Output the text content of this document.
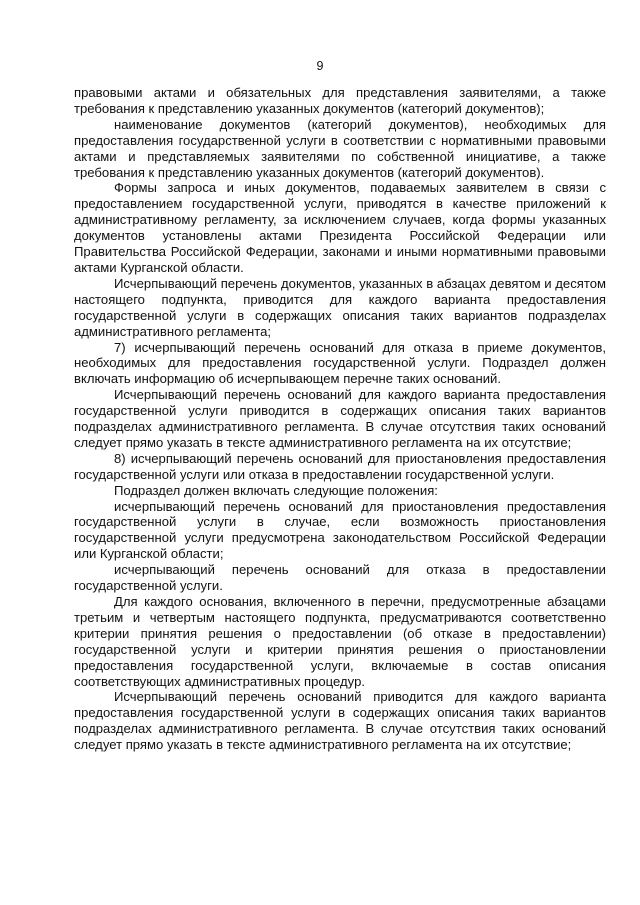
9

правовыми актами и обязательных для представления заявителями, а также требования к представлению указанных документов (категорий документов);

наименование документов (категорий документов), необходимых для предоставления государственной услуги в соответствии с нормативными правовыми актами и представляемых заявителями по собственной инициативе, а также требования к представлению указанных документов (категорий документов).

Формы запроса и иных документов, подаваемых заявителем в связи с предоставлением государственной услуги, приводятся в качестве приложений к административному регламенту, за исключением случаев, когда формы указанных документов установлены актами Президента Российской Федерации или Правительства Российской Федерации, законами и иными нормативными правовыми актами Курганской области.

Исчерпывающий перечень документов, указанных в абзацах девятом и десятом настоящего подпункта, приводится для каждого варианта предоставления государственной услуги в содержащих описания таких вариантов подразделах административного регламента;

7) исчерпывающий перечень оснований для отказа в приеме документов, необходимых для предоставления государственной услуги. Подраздел должен включать информацию об исчерпывающем перечне таких оснований.

Исчерпывающий перечень оснований для каждого варианта предоставления государственной услуги приводится в содержащих описания таких вариантов подразделах административного регламента. В случае отсутствия таких оснований следует прямо указать в тексте административного регламента на их отсутствие;

8) исчерпывающий перечень оснований для приостановления предоставления государственной услуги или отказа в предоставлении государственной услуги.

Подраздел должен включать следующие положения:

исчерпывающий перечень оснований для приостановления предоставления государственной услуги в случае, если возможность приостановления государственной услуги предусмотрена законодательством Российской Федерации или Курганской области;

исчерпывающий перечень оснований для отказа в предоставлении государственной услуги.

Для каждого основания, включенного в перечни, предусмотренные абзацами третьим и четвертым настоящего подпункта, предусматриваются соответственно критерии принятия решения о предоставлении (об отказе в предоставлении) государственной услуги и критерии принятия решения о приостановлении предоставления государственной услуги, включаемые в состав описания соответствующих административных процедур.

Исчерпывающий перечень оснований приводится для каждого варианта предоставления государственной услуги в содержащих описания таких вариантов подразделах административного регламента. В случае отсутствия таких оснований следует прямо указать в тексте административного регламента на их отсутствие;
